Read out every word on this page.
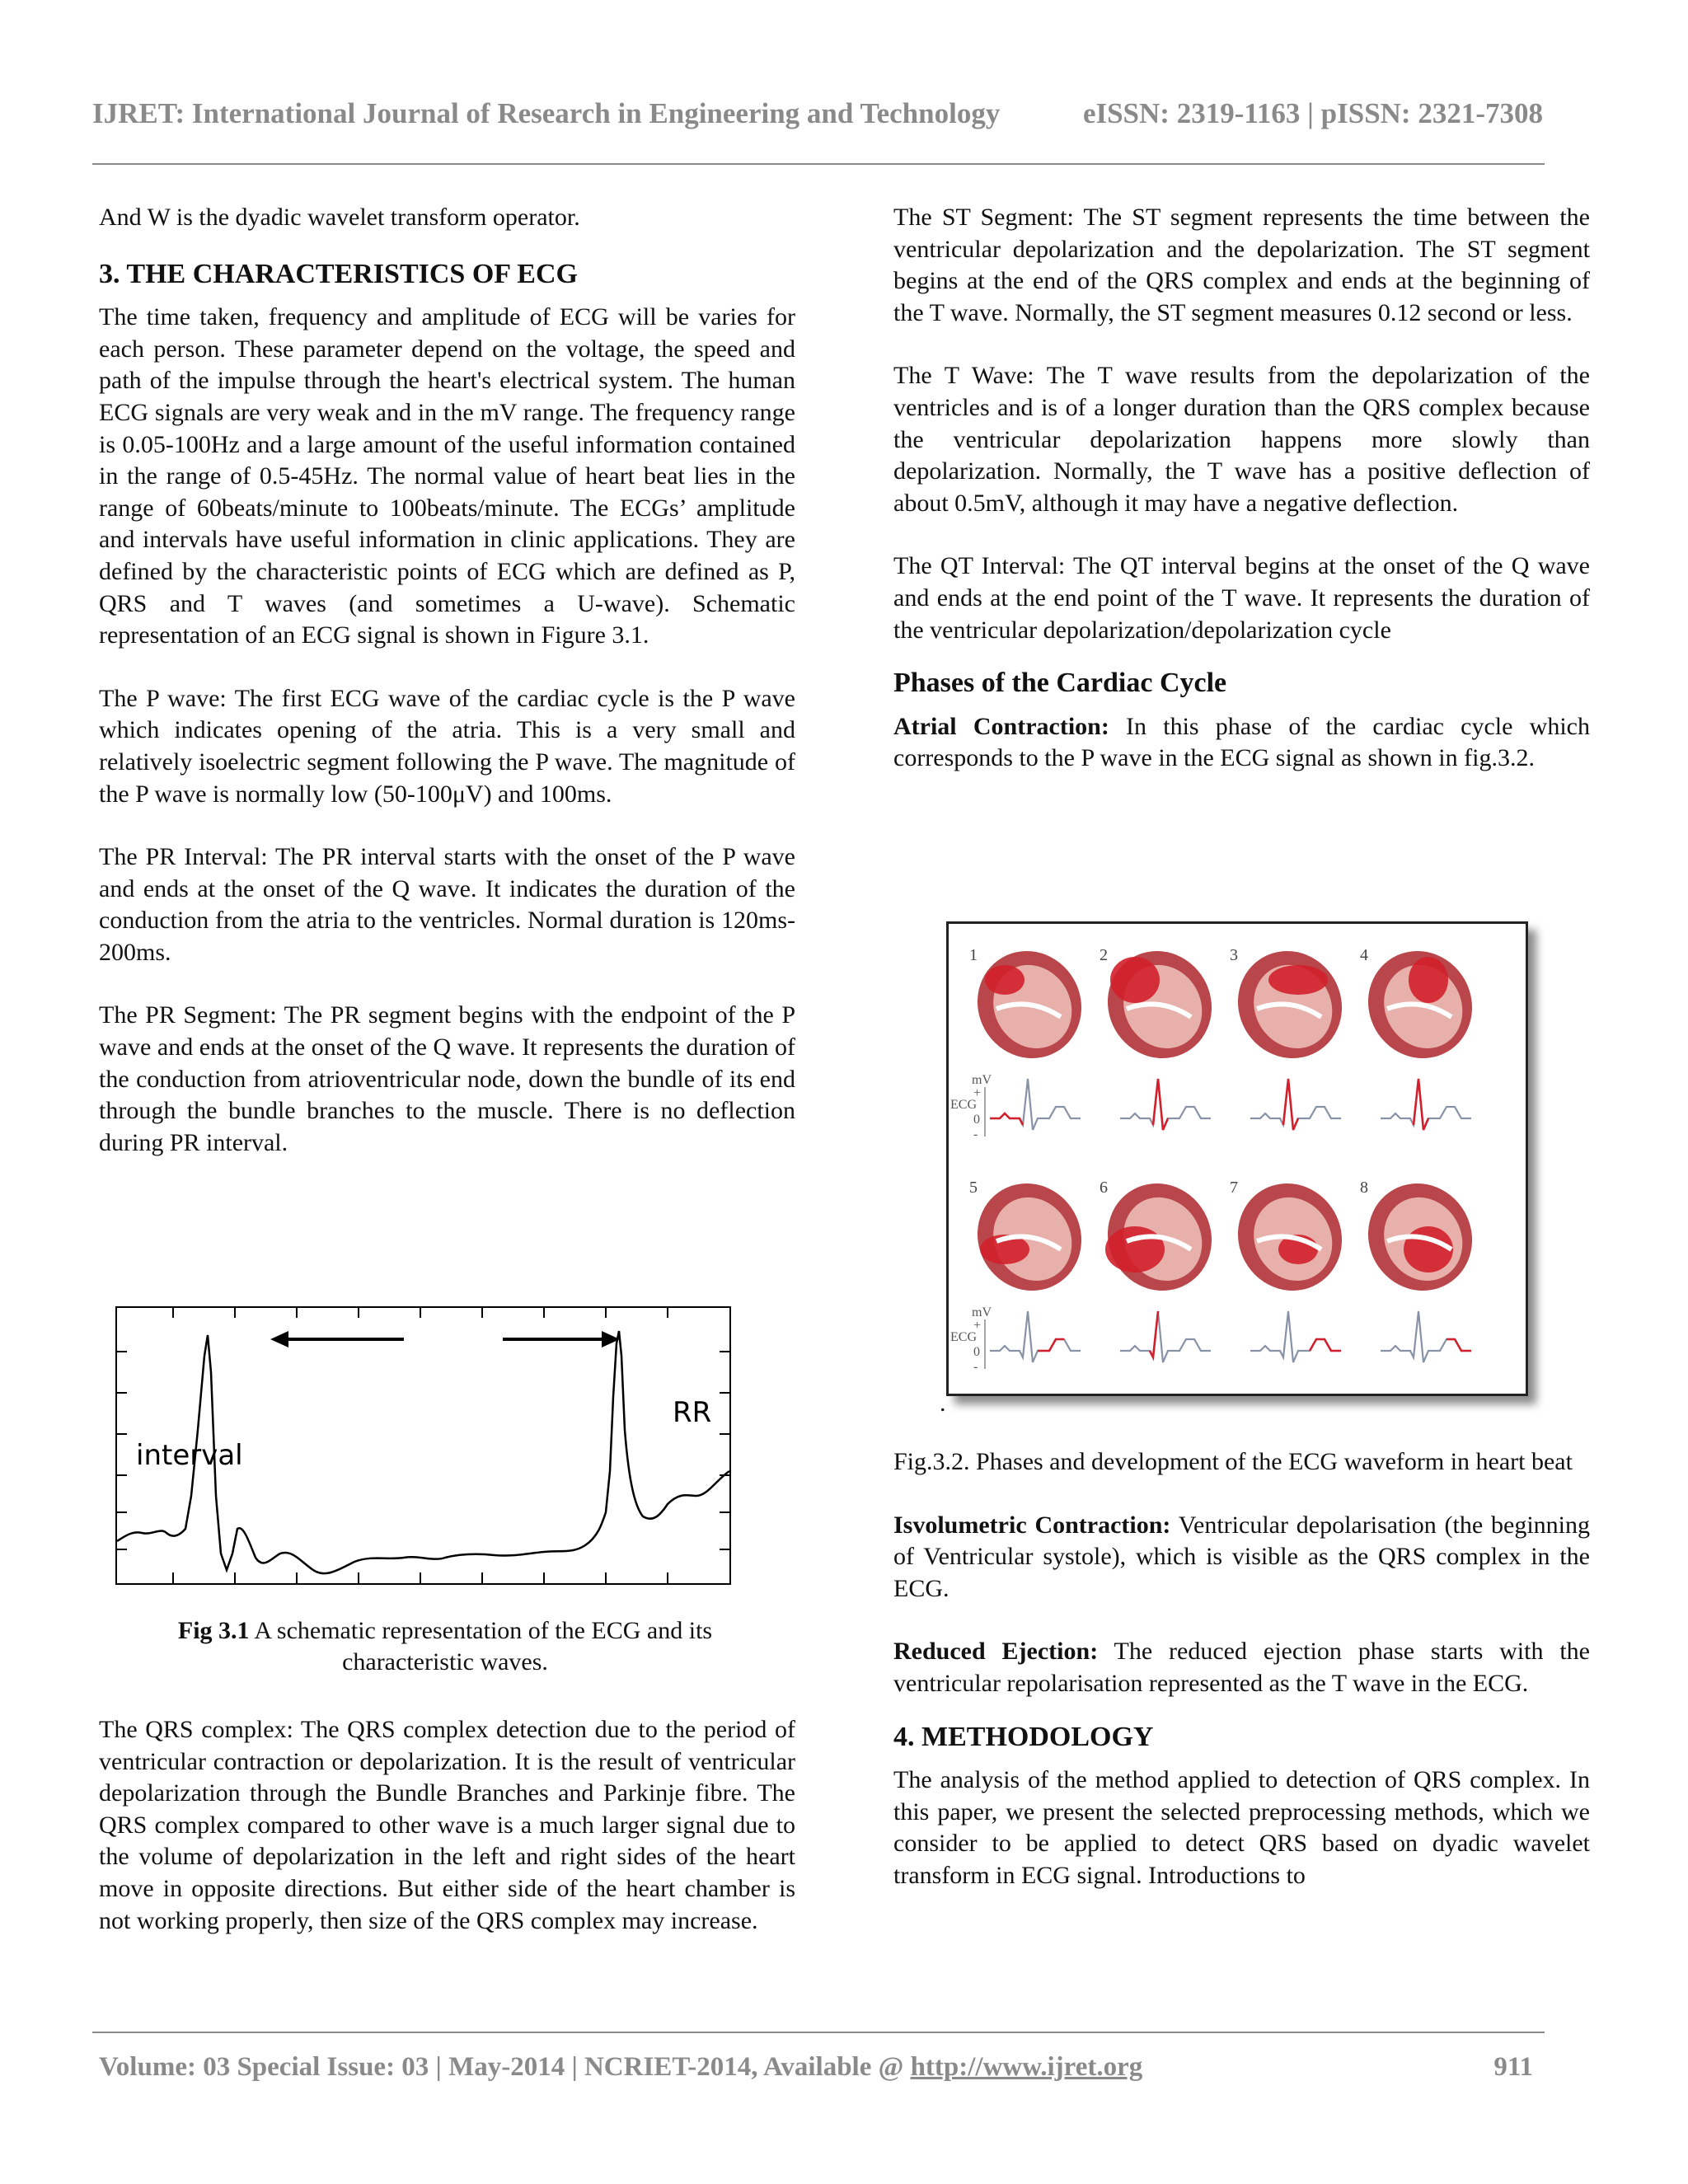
IJRET: International Journal of Research in Engineering and Technology	eISSN: 2319-1163 | pISSN: 2321-7308

And W is the dyadic wavelet transform operator.

3. THE CHARACTERISTICS OF ECG

The time taken, frequency and amplitude of ECG will be varies for each person. These parameter depend on the voltage, the speed and path of the impulse through the heart's electrical system. The human ECG signals are very weak and in the mV range. The frequency range is 0.05-100Hz and a large amount of the useful information contained in the range of 0.5-45Hz. The normal value of heart beat lies in the range of 60beats/minute to 100beats/minute. The ECGs’ amplitude and intervals have useful information in clinic applications. They are defined by the characteristic points of ECG which are defined as P, QRS and T waves (and sometimes a U-wave). Schematic representation of an ECG signal is shown in Figure 3.1.

The P wave: The first ECG wave of the cardiac cycle is the P wave which indicates opening of the atria. This is a very small and relatively isoelectric segment following the P wave. The magnitude of the P wave is normally low (50-100μV) and 100ms.

The PR Interval: The PR interval starts with the onset of the P wave and ends at the onset of the Q wave. It indicates the duration of the conduction from the atria to the ventricles. Normal duration is 120ms-200ms.

The PR Segment: The PR segment begins with the endpoint of the P wave and ends at the onset of the Q wave. It represents the duration of the conduction from atrioventricular node, down the bundle of its end through the bundle branches to the muscle. There is no deflection during PR interval.

RR
interval
Fig 3.1 A schematic representation of the ECG and its characteristic waves.

The QRS complex: The QRS complex detection due to the period of ventricular contraction or depolarization. It is the result of ventricular depolarization through the Bundle Branches and Parkinje fibre. The QRS complex compared to other wave is a much larger signal due to the volume of depolarization in the left and right sides of the heart move in opposite directions. But either side of the heart chamber is not working properly, then size of the QRS complex may increase.

The ST Segment: The ST segment represents the time between the ventricular depolarization and the depolarization. The ST segment begins at the end of the QRS complex and ends at the beginning of the T wave. Normally, the ST segment measures 0.12 second or less.

The T Wave: The T wave results from the depolarization of the ventricles and is of a longer duration than the QRS complex because the ventricular depolarization happens more slowly than depolarization. Normally, the T wave has a positive deflection of about 0.5mV, although it may have a negative deflection.

The QT Interval: The QT interval begins at the onset of the Q wave and ends at the end point of the T wave. It represents the duration of the ventricular depolarization/depolarization cycle

Phases of the Cardiac Cycle

Atrial Contraction: In this phase of the cardiac cycle which corresponds to the P wave in the ECG signal as shown in fig.3.2.

1
mV
+
ECG
0
-
2	3	4
5
mV
+
ECG
0
-
6	7	8
.

Fig.3.2. Phases and development of the ECG waveform in heart beat

Isvolumetric Contraction: Ventricular depolarisation (the beginning of Ventricular systole), which is visible as the QRS complex in the ECG.

Reduced Ejection: The reduced ejection phase starts with the ventricular repolarisation represented as the T wave in the ECG.

4. METHODOLOGY

The analysis of the method applied to detection of QRS complex. In this paper, we present the selected preprocessing methods, which we consider to be applied to detect QRS based on dyadic wavelet transform in ECG signal. Introductions to

Volume: 03 Special Issue: 03 | May-2014 | NCRIET-2014, Available @ http://www.ijret.org	911
